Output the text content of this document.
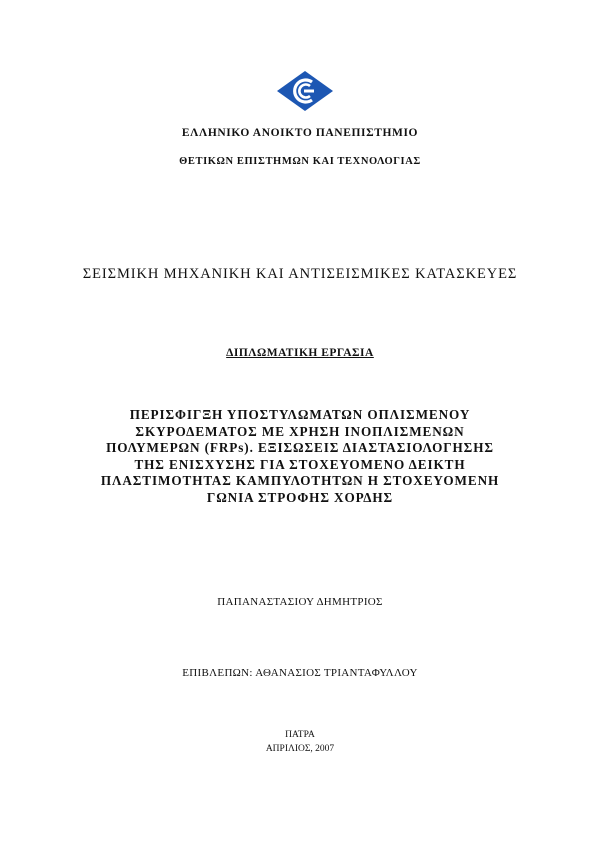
ΕΛΛΗΝΙΚΟ ΑΝΟΙΚΤΟ ΠΑΝΕΠΙΣΤΗΜΙΟ
ΘΕΤΙΚΩΝ ΕΠΙΣΤΗΜΩΝ ΚΑΙ ΤΕΧΝΟΛΟΓΙΑΣ
ΣΕΙΣΜΙΚΗ ΜΗΧΑΝΙΚΗ ΚΑΙ ΑΝΤΙΣΕΙΣΜΙΚΕΣ ΚΑΤΑΣΚΕΥΕΣ
ΔΙΠΛΩΜΑΤΙΚΗ ΕΡΓΑΣΙΑ
ΠΕΡΙΣΦΙΓΞΗ ΥΠΟΣΤΥΛΩΜΑΤΩΝ ΟΠΛΙΣΜΕΝΟΥ
ΣΚΥΡΟΔΕΜΑΤΟΣ ΜΕ ΧΡΗΣΗ ΙΝΟΠΛΙΣΜΕΝΩΝ
ΠΟΛΥΜΕΡΩΝ (FRPs). ΕΞΙΣΩΣΕΙΣ ΔΙΑΣΤΑΣΙΟΛΟΓΗΣΗΣ
ΤΗΣ ΕΝΙΣΧΥΣΗΣ ΓΙΑ ΣΤΟΧΕΥΟΜΕΝΟ ΔΕΙΚΤΗ
ΠΛΑΣΤΙΜΟΤΗΤΑΣ ΚΑΜΠΥΛΟΤΗΤΩΝ Η ΣΤΟΧΕΥΟΜΕΝΗ
ΓΩΝΙΑ ΣΤΡΟΦΗΣ ΧΟΡΔΗΣ
ΠΑΠΑΝΑΣΤΑΣΙΟΥ ΔΗΜΗΤΡΙΟΣ
ΕΠΙΒΛΕΠΩΝ: ΑΘΑΝΑΣΙΟΣ ΤΡΙΑΝΤΑΦΥΛΛΟΥ
ΠΑΤΡΑ
ΑΠΡΙΛΙΟΣ, 2007
